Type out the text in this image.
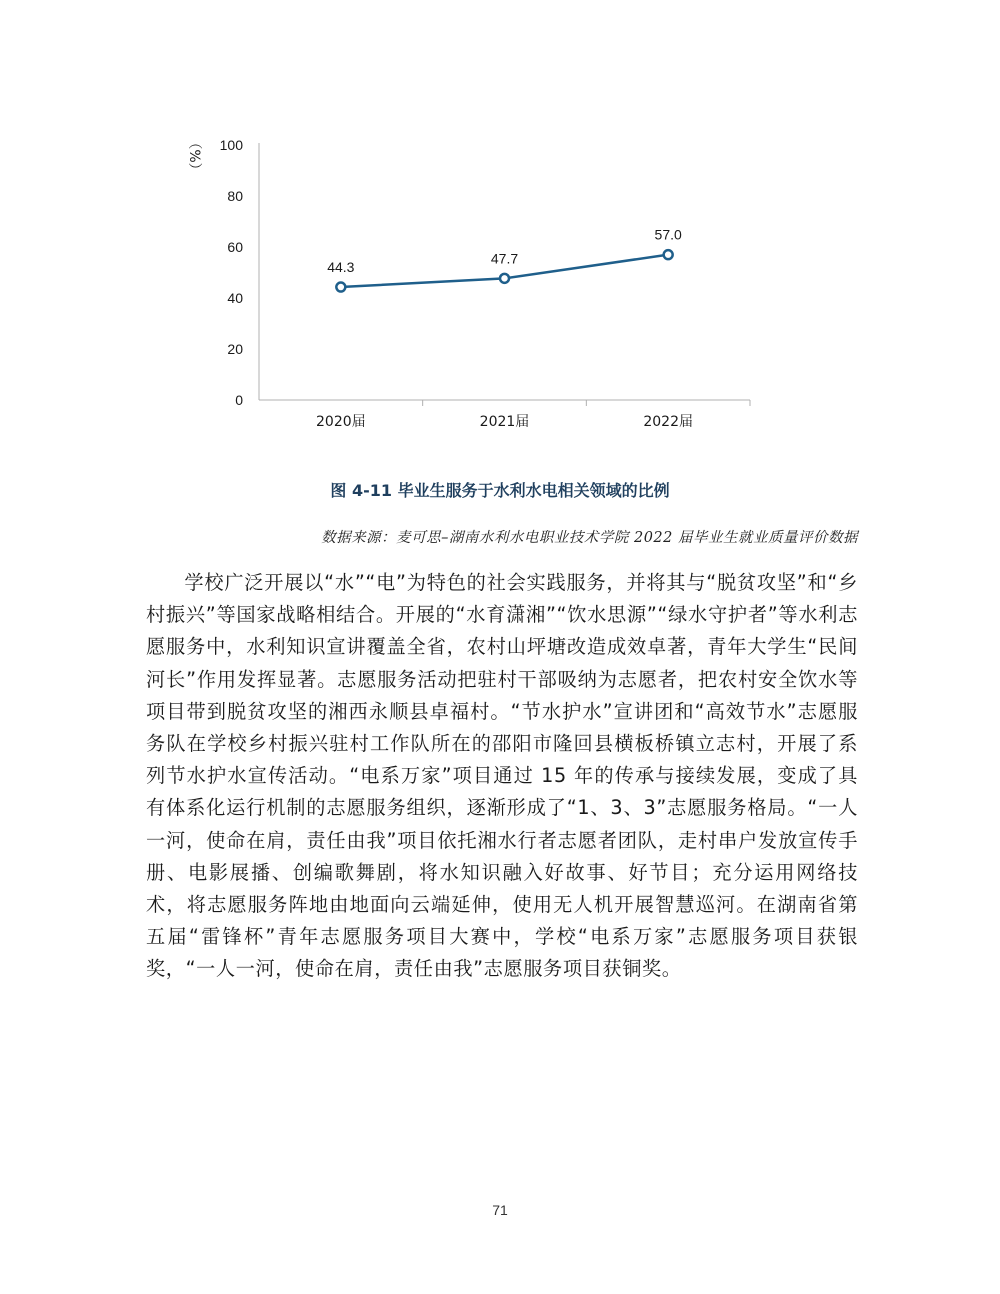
（%）
0
20
40
60
80
100
2020届	2021届	2022届
44.3
47.7
57.0
图 4-11 毕业生服务于水利水电相关领域的比例
数据来源：麦可思–湖南水利水电职业技术学院 2022 届毕业生就业质量评价数据

学校广泛开展以“水”“电”为特色的社会实践服务，并将其与“脱贫攻坚”和“乡村振兴”等国家战略相结合。开展的“水育潇湘”“饮水思源”“绿水守护者”等水利志愿服务中，水利知识宣讲覆盖全省，农村山坪塘改造成效卓著，青年大学生“民间河长”作用发挥显著。志愿服务活动把驻村干部吸纳为志愿者，把农村安全饮水等项目带到脱贫攻坚的湘西永顺县卓福村。“节水护水”宣讲团和“高效节水”志愿服务队在学校乡村振兴驻村工作队所在的邵阳市隆回县横板桥镇立志村，开展了系列节水护水宣传活动。“电系万家”项目通过 15 年的传承与接续发展，变成了具有体系化运行机制的志愿服务组织，逐渐形成了“1、3、3”志愿服务格局。“一人一河，使命在肩，责任由我”项目依托湘水行者志愿者团队，走村串户发放宣传手册、电影展播、创编歌舞剧，将水知识融入好故事、好节目；充分运用网络技术，将志愿服务阵地由地面向云端延伸，使用无人机开展智慧巡河。在湖南省第五届“雷锋杯”青年志愿服务项目大赛中，学校“电系万家”志愿服务项目获银奖，“一人一河，使命在肩，责任由我”志愿服务项目获铜奖。

71
